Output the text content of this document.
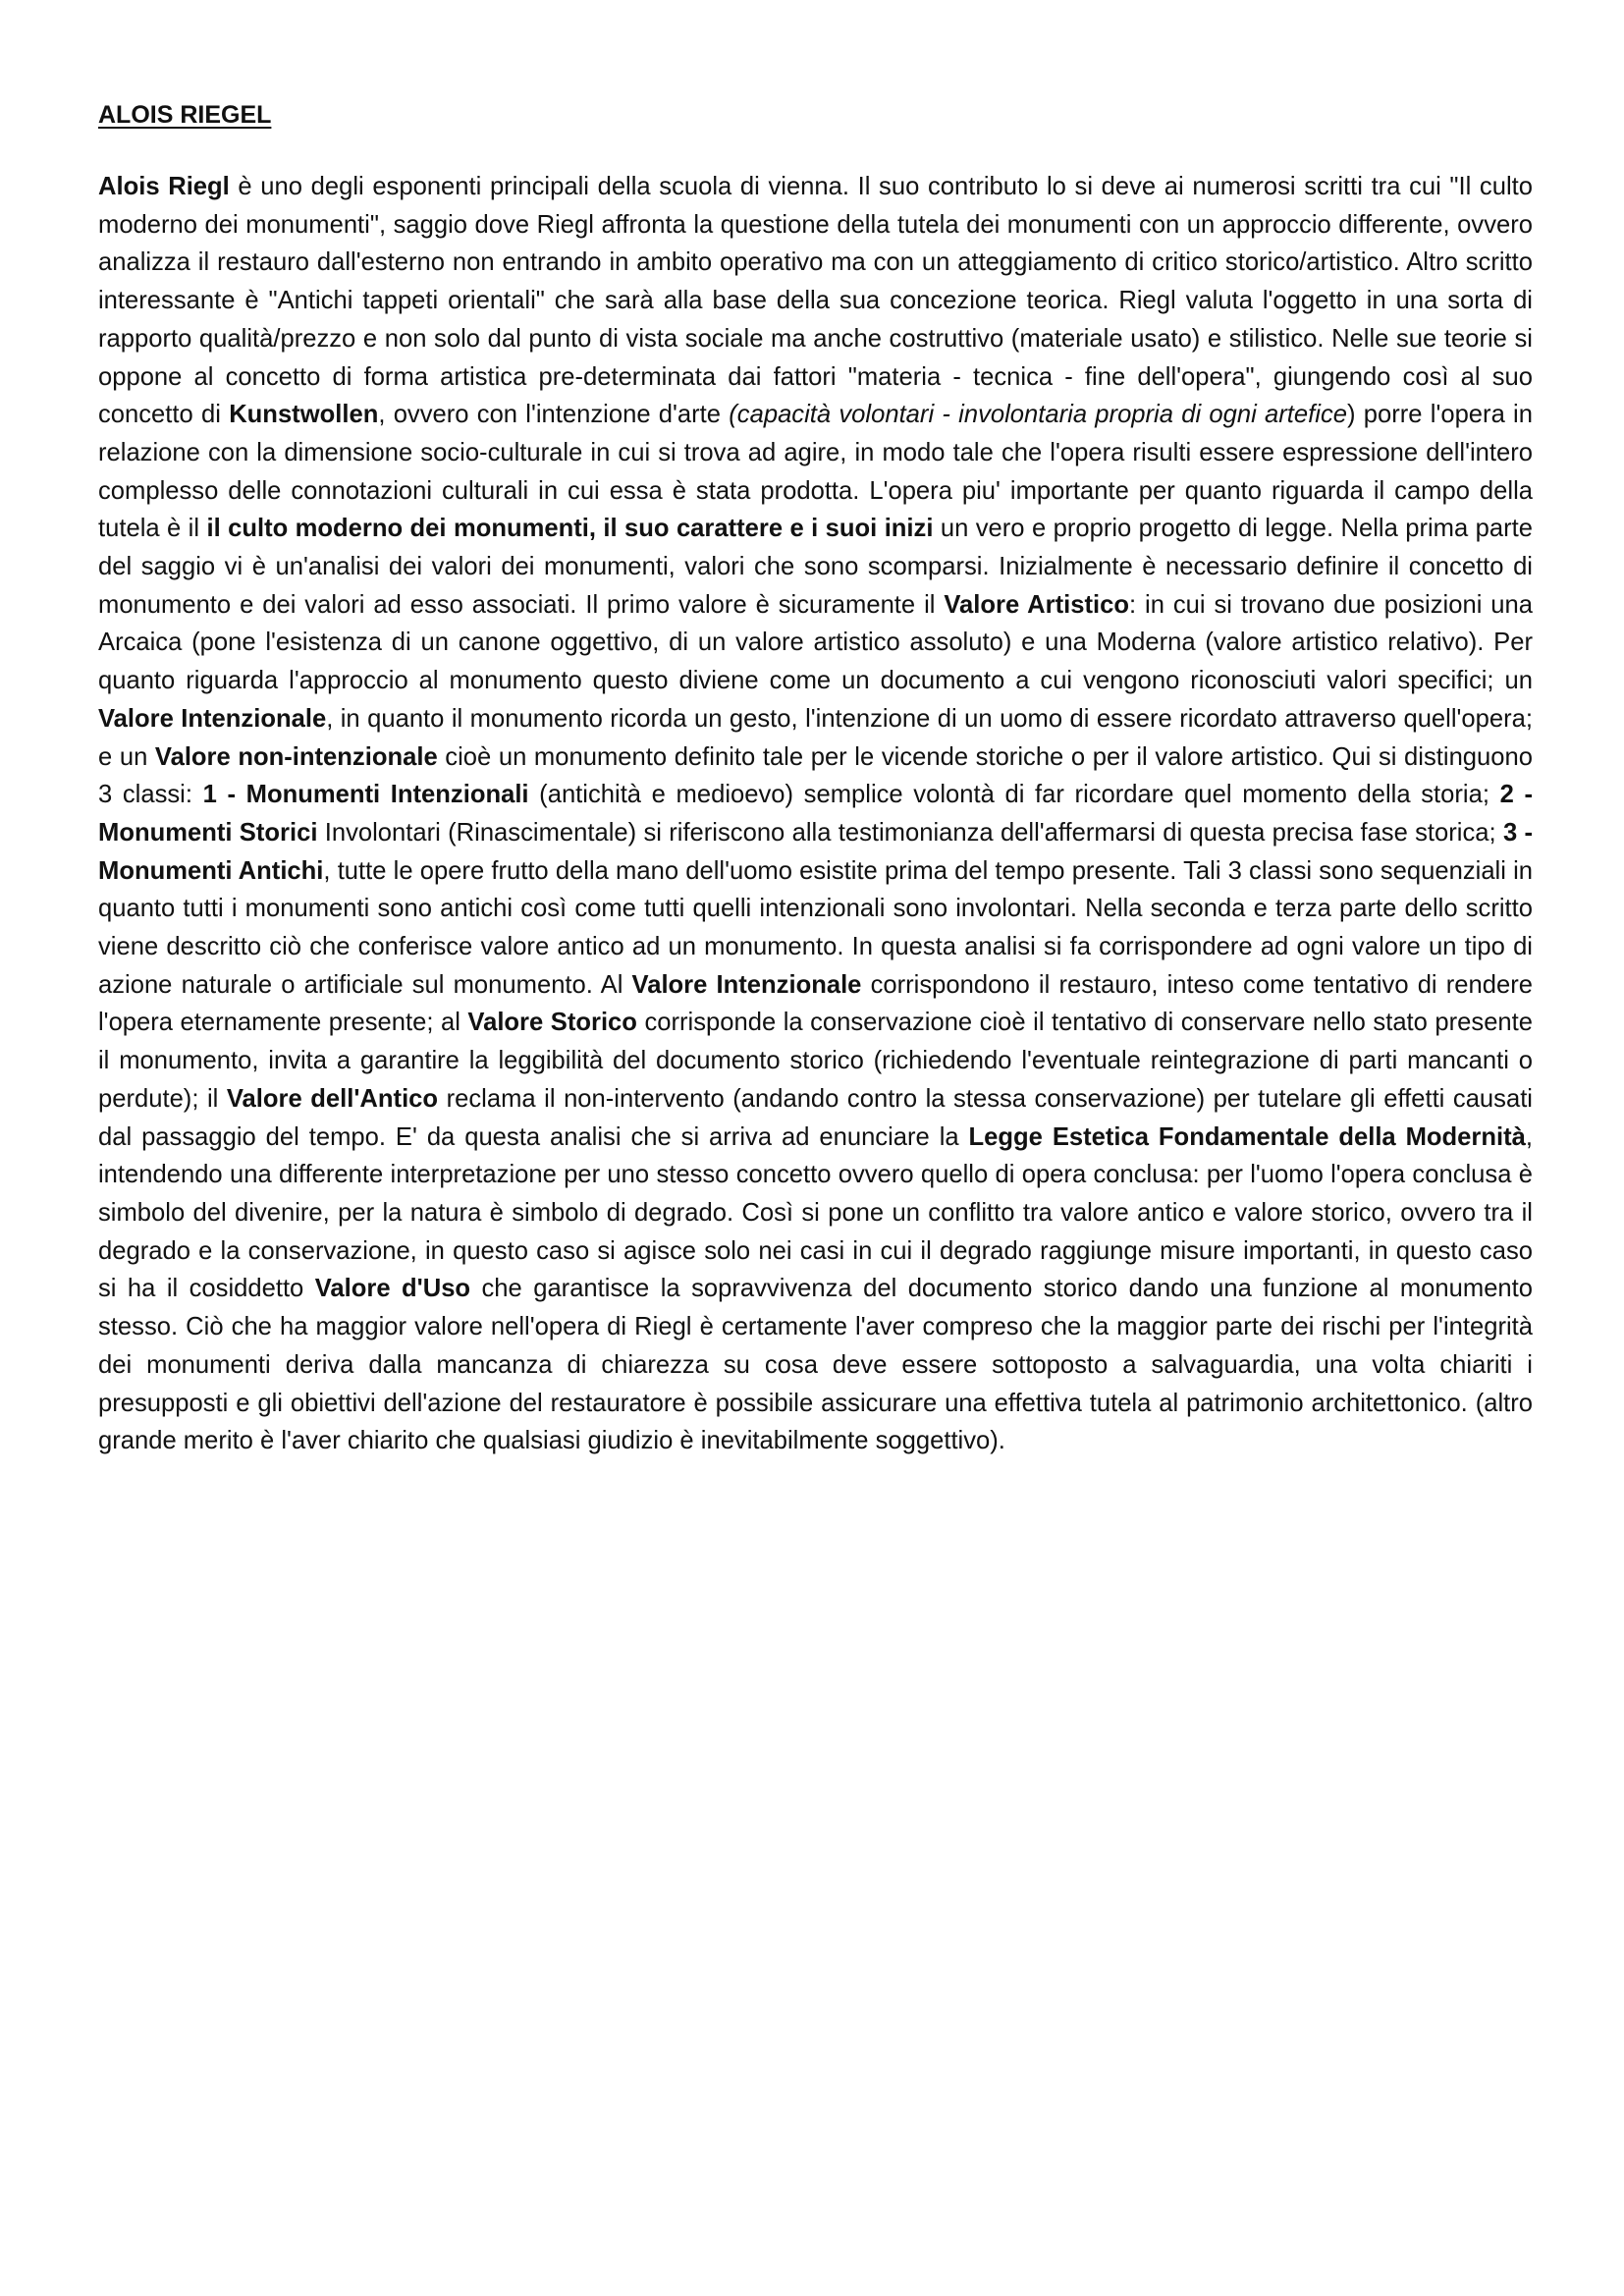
ALOIS RIEGEL

Alois Riegl è uno degli esponenti principali della scuola di vienna. Il suo contributo lo si deve ai numerosi scritti tra cui "Il culto moderno dei monumenti", saggio dove Riegl affronta la questione della tutela dei monumenti con un approccio differente, ovvero analizza il restauro dall'esterno non entrando in ambito operativo ma con un atteggiamento di critico storico/artistico. Altro scritto interessante è "Antichi tappeti orientali" che sarà alla base della sua concezione teorica. Riegl valuta l'oggetto in una sorta di rapporto qualità/prezzo e non solo dal punto di vista sociale ma anche costruttivo (materiale usato) e stilistico. Nelle sue teorie si oppone al concetto di forma artistica pre-determinata dai fattori "materia - tecnica - fine dell'opera", giungendo così al suo concetto di Kunstwollen, ovvero con l'intenzione d'arte (capacità volontari - involontaria propria di ogni artefice) porre l'opera in relazione con la dimensione socio-culturale in cui si trova ad agire, in modo tale che l'opera risulti essere espressione dell'intero complesso delle connotazioni culturali in cui essa è stata prodotta. L'opera piu' importante per quanto riguarda il campo della tutela è il il culto moderno dei monumenti, il suo carattere e i suoi inizi un vero e proprio progetto di legge. Nella prima parte del saggio vi è un'analisi dei valori dei monumenti, valori che sono scomparsi. Inizialmente è necessario definire il concetto di monumento e dei valori ad esso associati. Il primo valore è sicuramente il Valore Artistico: in cui si trovano due posizioni una Arcaica (pone l'esistenza di un canone oggettivo, di un valore artistico assoluto) e una Moderna (valore artistico relativo). Per quanto riguarda l'approccio al monumento questo diviene come un documento a cui vengono riconosciuti valori specifici; un Valore Intenzionale, in quanto il monumento ricorda un gesto, l'intenzione di un uomo di essere ricordato attraverso quell'opera; e un Valore non-intenzionale cioè un monumento definito tale per le vicende storiche o per il valore artistico. Qui si distinguono 3 classi: 1 - Monumenti Intenzionali (antichità e medioevo) semplice volontà di far ricordare quel momento della storia; 2 - Monumenti Storici Involontari (Rinascimentale) si riferiscono alla testimonianza dell'affermarsi di questa precisa fase storica; 3 - Monumenti Antichi, tutte le opere frutto della mano dell'uomo esistite prima del tempo presente. Tali 3 classi sono sequenziali in quanto tutti i monumenti sono antichi così come tutti quelli intenzionali sono involontari. Nella seconda e terza parte dello scritto viene descritto ciò che conferisce valore antico ad un monumento. In questa analisi si fa corrispondere ad ogni valore un tipo di azione naturale o artificiale sul monumento. Al Valore Intenzionale corrispondono il restauro, inteso come tentativo di rendere l'opera eternamente presente; al Valore Storico corrisponde la conservazione cioè il tentativo di conservare nello stato presente il monumento, invita a garantire la leggibilità del documento storico (richiedendo l'eventuale reintegrazione di parti mancanti o perdute); il Valore dell'Antico reclama il non-intervento (andando contro la stessa conservazione) per tutelare gli effetti causati dal passaggio del tempo. E' da questa analisi che si arriva ad enunciare la Legge Estetica Fondamentale della Modernità, intendendo una differente interpretazione per uno stesso concetto ovvero quello di opera conclusa: per l'uomo l'opera conclusa è simbolo del divenire, per la natura è simbolo di degrado. Così si pone un conflitto tra valore antico e valore storico, ovvero tra il degrado e la conservazione, in questo caso si agisce solo nei casi in cui il degrado raggiunge misure importanti, in questo caso si ha il cosiddetto Valore d'Uso che garantisce la sopravvivenza del documento storico dando una funzione al monumento stesso. Ciò che ha maggior valore nell'opera di Riegl è certamente l'aver compreso che la maggior parte dei rischi per l'integrità dei monumenti deriva dalla mancanza di chiarezza su cosa deve essere sottoposto a salvaguardia, una volta chiariti i presupposti e gli obiettivi dell'azione del restauratore è possibile assicurare una effettiva tutela al patrimonio architettonico. (altro grande merito è l'aver chiarito che qualsiasi giudizio è inevitabilmente soggettivo).
